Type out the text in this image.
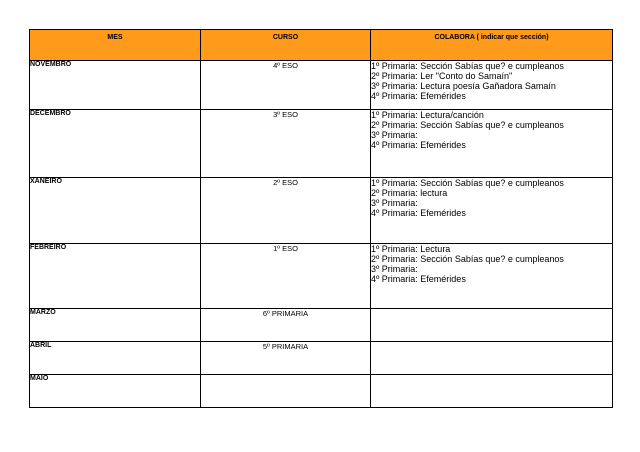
MES	CURSO	COLABORA ( indicar que sección)
NOVEMBRO	4º ESO	1º Primaria: Sección Sabías que? e cumpleanos
2º Primaria: Ler "Conto do Samaín"
3º Primaria: Lectura poesía Gañadora Samaín
4º Primaria: Efemérides

DECEMBRO	3º ESO	1º Primaria: Lectura/canción
2º Primaria: Sección Sabías que? e cumpleanos
3º Primaria:
4º Primaria: Efemérides

XANEIRO	2º ESO	1º Primaria: Sección Sabías que? e cumpleanos
2º Primaria: lectura
3º Primaria:
4º Primaria: Efemérides

FEBREIRO	1º ESO	1º Primaria: Lectura
2º Primaria: Sección Sabías que? e cumpleanos
3º Primaria:
4º Primaria: Efemérides

MARZO	6º PRIMARIA	
ABRIL	5º PRIMARIA	
MAIO		
